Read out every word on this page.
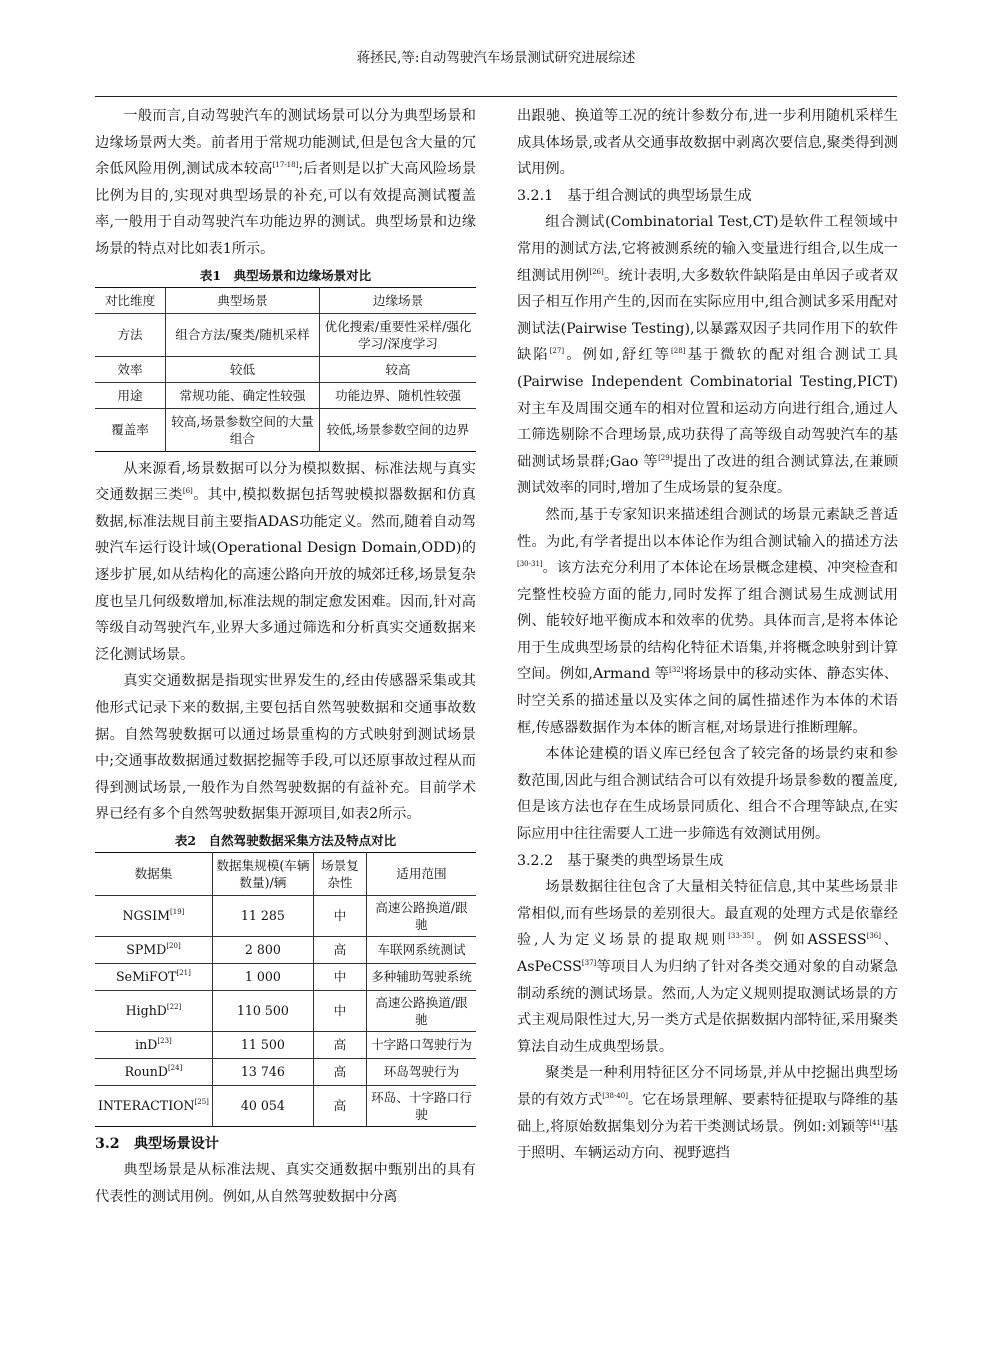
蒋拯民,等:自动驾驶汽车场景测试研究进展综述

一般而言,自动驾驶汽车的测试场景可以分为典型场景和边缘场景两大类。前者用于常规功能测试,但是包含大量的冗余低风险用例,测试成本较高[17-18];后者则是以扩大高风险场景比例为目的,实现对典型场景的补充,可以有效提高测试覆盖率,一般用于自动驾驶汽车功能边界的测试。典型场景和边缘场景的特点对比如表1所示。

表1　典型场景和边缘场景对比
对比维度	典型场景	边缘场景
方法	组合方法/聚类/随机采样	优化搜索/重要性采样/强化学习/深度学习
效率	较低	较高
用途	常规功能、确定性较强	功能边界、随机性较强
覆盖率	较高,场景参数空间的大量组合	较低,场景参数空间的边界

从来源看,场景数据可以分为模拟数据、标准法规与真实交通数据三类[6]。其中,模拟数据包括驾驶模拟器数据和仿真数据,标准法规目前主要指ADAS功能定义。然而,随着自动驾驶汽车运行设计域(Operational Design Domain,ODD)的逐步扩展,如从结构化的高速公路向开放的城郊迁移,场景复杂度也呈几何级数增加,标准法规的制定愈发困难。因而,针对高等级自动驾驶汽车,业界大多通过筛选和分析真实交通数据来泛化测试场景。

真实交通数据是指现实世界发生的,经由传感器采集或其他形式记录下来的数据,主要包括自然驾驶数据和交通事故数据。自然驾驶数据可以通过场景重构的方式映射到测试场景中;交通事故数据通过数据挖掘等手段,可以还原事故过程从而得到测试场景,一般作为自然驾驶数据的有益补充。目前学术界已经有多个自然驾驶数据集开源项目,如表2所示。

表2　自然驾驶数据采集方法及特点对比
数据集	数据集规模(车辆数量)/辆	场景复杂性	适用范围
NGSIM[19]	11 285	中	高速公路换道/跟驰
SPMD[20]	2 800	高	车联网系统测试
SeMiFOT[21]	1 000	中	多种辅助驾驶系统
HighD[22]	110 500	中	高速公路换道/跟驰
inD[23]	11 500	高	十字路口驾驶行为
RounD[24]	13 746	高	环岛驾驶行为
INTERACTION[25]	40 054	高	环岛、十字路口行驶
3.2　典型场景设计

典型场景是从标准法规、真实交通数据中甄别出的具有代表性的测试用例。例如,从自然驾驶数据中分离

出跟驰、换道等工况的统计参数分布,进一步利用随机采样生成具体场景,或者从交通事故数据中剥离次要信息,聚类得到测试用例。

3.2.1　基于组合测试的典型场景生成

组合测试(Combinatorial Test,CT)是软件工程领域中常用的测试方法,它将被测系统的输入变量进行组合,以生成一组测试用例[26]。统计表明,大多数软件缺陷是由单因子或者双因子相互作用产生的,因而在实际应用中,组合测试多采用配对测试法(Pairwise Testing),以暴露双因子共同作用下的软件缺陷[27]。例如,舒红等[28]基于微软的配对组合测试工具(Pairwise Independent Combinatorial Testing,PICT)对主车及周围交通车的相对位置和运动方向进行组合,通过人工筛选剔除不合理场景,成功获得了高等级自动驾驶汽车的基础测试场景群;Gao 等[29]提出了改进的组合测试算法,在兼顾测试效率的同时,增加了生成场景的复杂度。

然而,基于专家知识来描述组合测试的场景元素缺乏普适性。为此,有学者提出以本体论作为组合测试输入的描述方法[30-31]。该方法充分利用了本体论在场景概念建模、冲突检查和完整性校验方面的能力,同时发挥了组合测试易生成测试用例、能较好地平衡成本和效率的优势。具体而言,是将本体论用于生成典型场景的结构化特征术语集,并将概念映射到计算空间。例如,Armand 等[32]将场景中的移动实体、静态实体、时空关系的描述量以及实体之间的属性描述作为本体的术语框,传感器数据作为本体的断言框,对场景进行推断理解。

本体论建模的语义库已经包含了较完备的场景约束和参数范围,因此与组合测试结合可以有效提升场景参数的覆盖度,但是该方法也存在生成场景同质化、组合不合理等缺点,在实际应用中往往需要人工进一步筛选有效测试用例。

3.2.2　基于聚类的典型场景生成

场景数据往往包含了大量相关特征信息,其中某些场景非常相似,而有些场景的差别很大。最直观的处理方式是依靠经验,人为定义场景的提取规则[33-35]。例如ASSESS[36]、AsPeCSS[37]等项目人为归纳了针对各类交通对象的自动紧急制动系统的测试场景。然而,人为定义规则提取测试场景的方式主观局限性过大,另一类方式是依据数据内部特征,采用聚类算法自动生成典型场景。

聚类是一种利用特征区分不同场景,并从中挖掘出典型场景的有效方式[38-40]。它在场景理解、要素特征提取与降维的基础上,将原始数据集划分为若干类测试场景。例如:刘颖等[41]基于照明、车辆运动方向、视野遮挡
